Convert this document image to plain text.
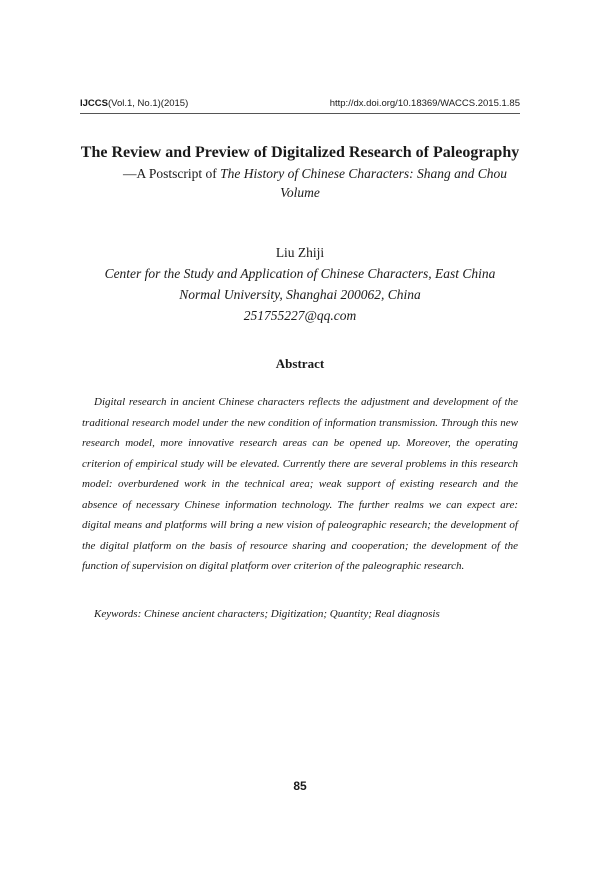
IJCCS(Vol.1, No.1)(2015)	http://dx.doi.org/10.18369/WACCS.2015.1.85

The Review and Preview of Digitalized Research of Paleography

—A Postscript of The History of Chinese Characters: Shang and Chou

Volume

Liu Zhiji
Center for the Study and Application of Chinese Characters, East China
Normal University, Shanghai 200062, China
251755227@qq.com
Abstract

Digital research in ancient Chinese characters reflects the adjustment and development of the traditional research model under the new condition of information transmission. Through this new research model, more innovative research areas can be opened up. Moreover, the operating criterion of empirical study will be elevated. Currently there are several problems in this research model: overburdened work in the technical area; weak support of existing research and the absence of necessary Chinese information technology. The further realms we can expect are: digital means and platforms will bring a new vision of paleographic research; the development of the digital platform on the basis of resource sharing and cooperation; the development of the function of supervision on digital platform over criterion of the paleographic research.

Keywords: Chinese ancient characters; Digitization; Quantity; Real diagnosis
85
